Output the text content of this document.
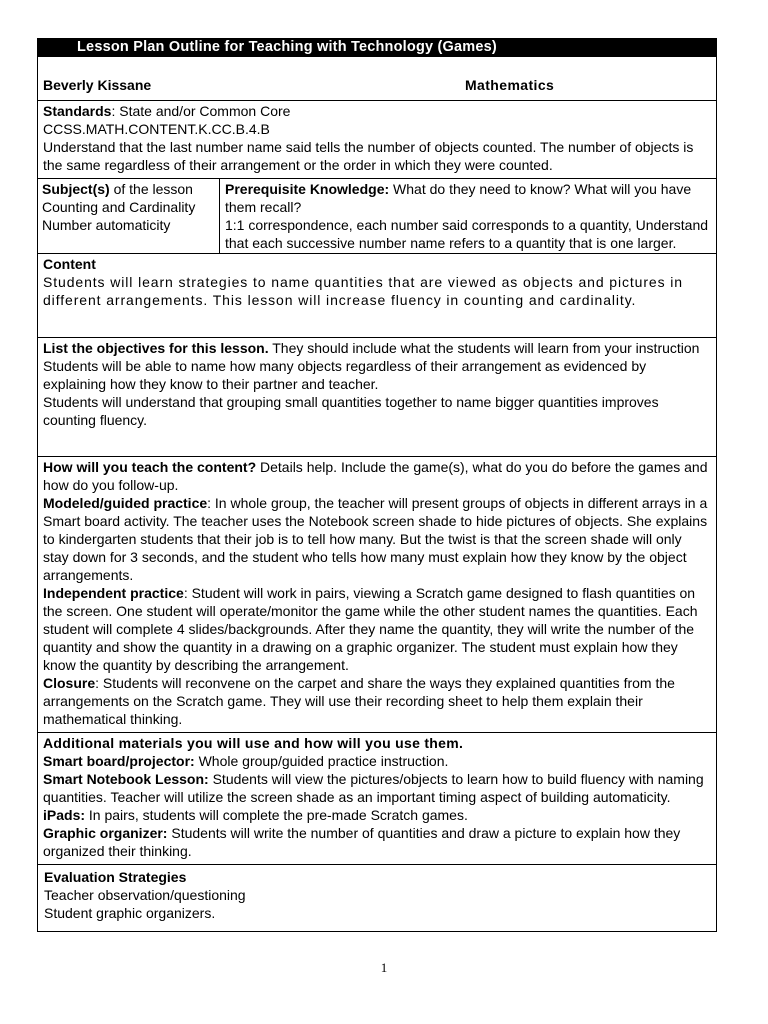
Lesson Plan Outline for Teaching with Technology (Games)
Beverly Kissane	Mathematics

Standards: State and/or Common Core

CCSS.MATH.CONTENT.K.CC.B.4.B

Understand that the last number name said tells the number of objects counted. The number of objects is the same regardless of their arrangement or the order in which they were counted.

Subject(s) of the lesson

Counting and Cardinality

Number automaticity

Prerequisite Knowledge: What do they need to know? What will you have them recall?

1:1 correspondence, each number said corresponds to a quantity, Understand that each successive number name refers to a quantity that is one larger.

Content

Students will learn strategies to name quantities that are viewed as objects and pictures in different arrangements. This lesson will increase fluency in counting and cardinality.

List the objectives for this lesson. They should include what the students will learn from your instruction

Students will be able to name how many objects regardless of their arrangement as evidenced by explaining how they know to their partner and teacher.

Students will understand that grouping small quantities together to name bigger quantities improves counting fluency.

How will you teach the content? Details help. Include the game(s), what do you do before the games and how do you follow-up.

Modeled/guided practice: In whole group, the teacher will present groups of objects in different arrays in a Smart board activity. The teacher uses the Notebook screen shade to hide pictures of objects. She explains to kindergarten students that their job is to tell how many. But the twist is that the screen shade will only stay down for 3 seconds, and the student who tells how many must explain how they know by the object arrangements.

Independent practice: Student will work in pairs, viewing a Scratch game designed to flash quantities on the screen. One student will operate/monitor the game while the other student names the quantities. Each student will complete 4 slides/backgrounds. After they name the quantity, they will write the number of the quantity and show the quantity in a drawing on a graphic organizer. The student must explain how they know the quantity by describing the arrangement.

Closure: Students will reconvene on the carpet and share the ways they explained quantities from the arrangements on the Scratch game. They will use their recording sheet to help them explain their mathematical thinking.

Additional materials you will use and how will you use them.

Smart board/projector: Whole group/guided practice instruction.

Smart Notebook Lesson: Students will view the pictures/objects to learn how to build fluency with naming quantities. Teacher will utilize the screen shade as an important timing aspect of building automaticity.

iPads: In pairs, students will complete the pre-made Scratch games.

Graphic organizer: Students will write the number of quantities and draw a picture to explain how they organized their thinking.

Evaluation Strategies

Teacher observation/questioning

Student graphic organizers.

1
